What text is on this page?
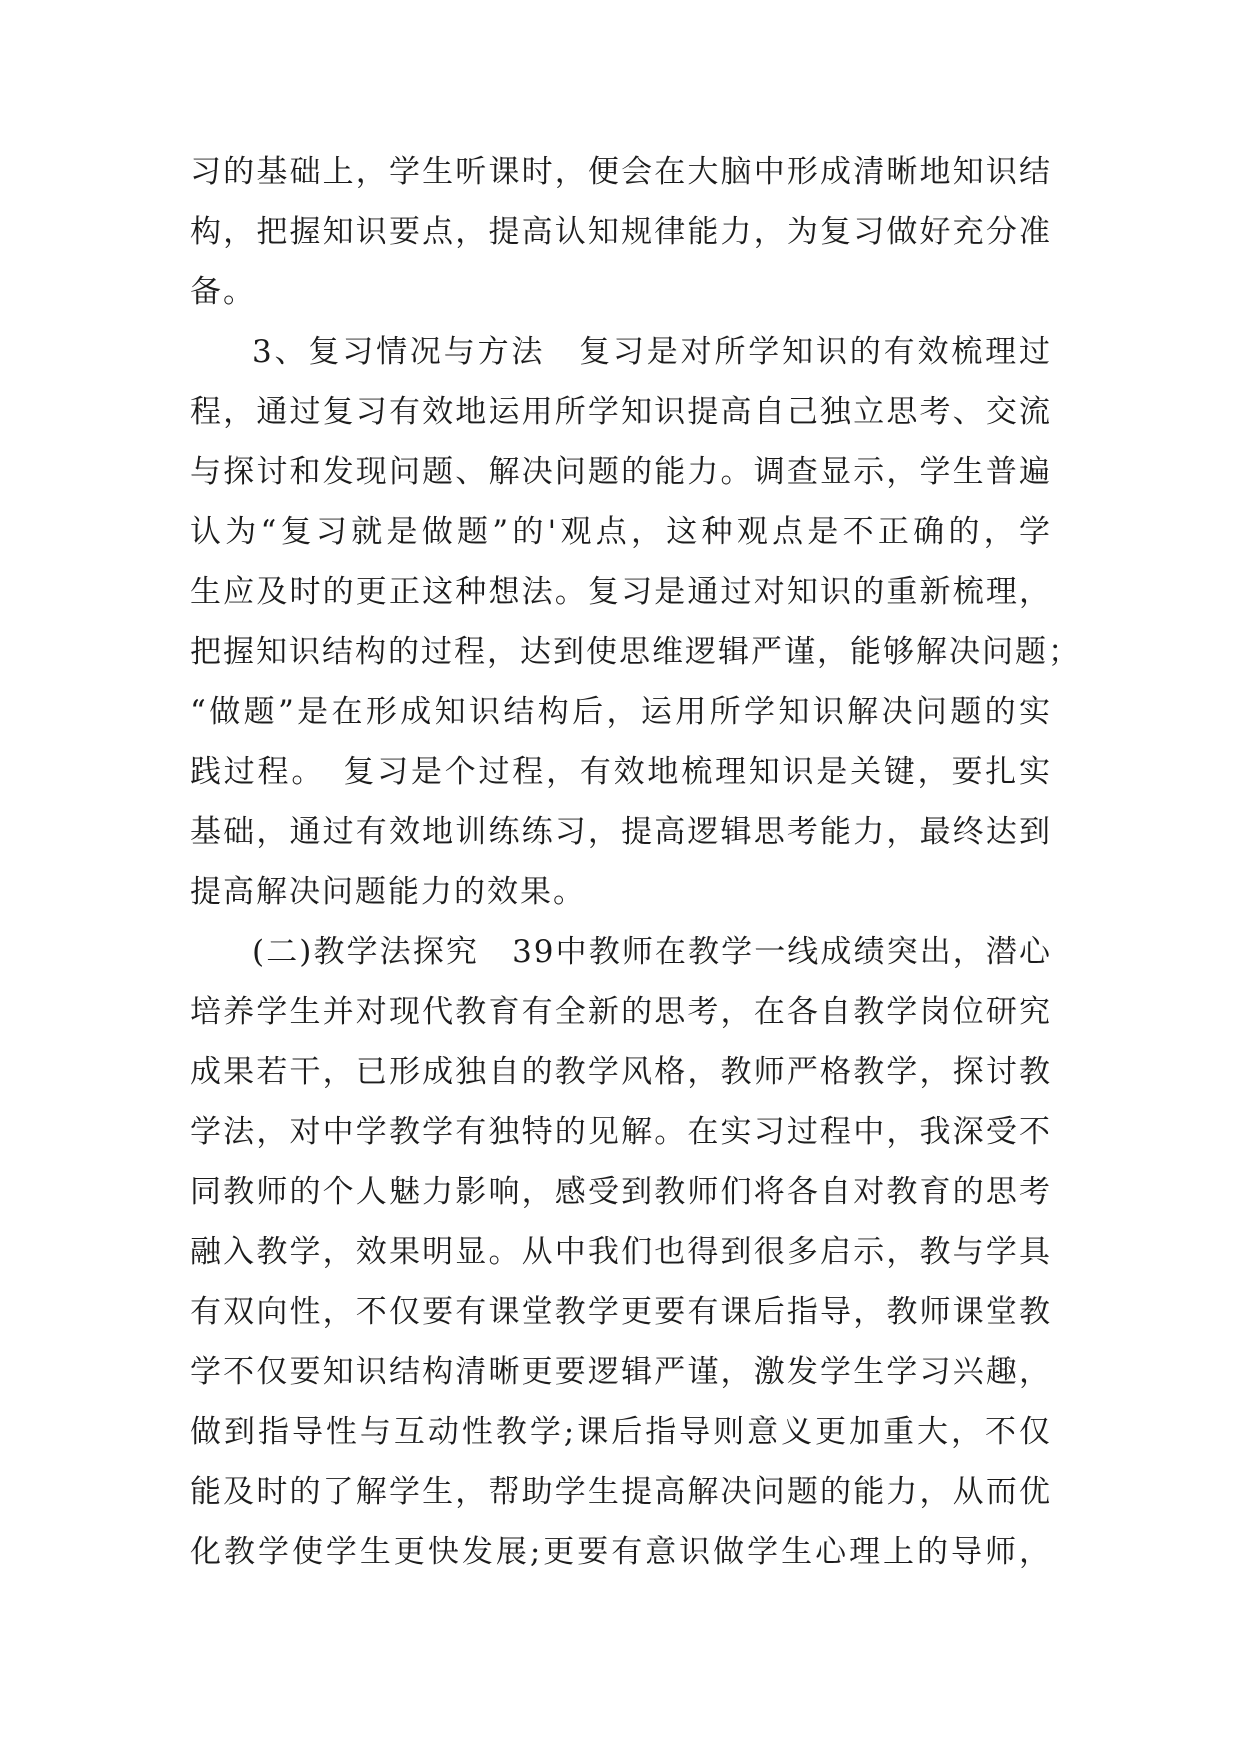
习的基础上，学生听课时，便会在大脑中形成清晰地知识结
构，把握知识要点，提高认知规律能力，为复习做好充分准
备。
3、复习情况与方法　复习是对所学知识的有效梳理过
程，通过复习有效地运用所学知识提高自己独立思考、交流
与探讨和发现问题、解决问题的能力。调查显示，学生普遍
认为“复习就是做题”的'观点，这种观点是不正确的，学
生应及时的更正这种想法。复习是通过对知识的重新梳理，
把握知识结构的过程，达到使思维逻辑严谨，能够解决问题；
“做题”是在形成知识结构后，运用所学知识解决问题的实
践过程。　复习是个过程，有效地梳理知识是关键，要扎实
基础，通过有效地训练练习，提高逻辑思考能力，最终达到
提高解决问题能力的效果。
(二)教学法探究　39中教师在教学一线成绩突出，潜心
培养学生并对现代教育有全新的思考，在各自教学岗位研究
成果若干，已形成独自的教学风格，教师严格教学，探讨教
学法，对中学教学有独特的见解。在实习过程中，我深受不
同教师的个人魅力影响，感受到教师们将各自对教育的思考
融入教学，效果明显。从中我们也得到很多启示，教与学具
有双向性，不仅要有课堂教学更要有课后指导，教师课堂教
学不仅要知识结构清晰更要逻辑严谨，激发学生学习兴趣，
做到指导性与互动性教学;课后指导则意义更加重大，不仅
能及时的了解学生，帮助学生提高解决问题的能力，从而优
化教学使学生更快发展;更要有意识做学生心理上的导师，
